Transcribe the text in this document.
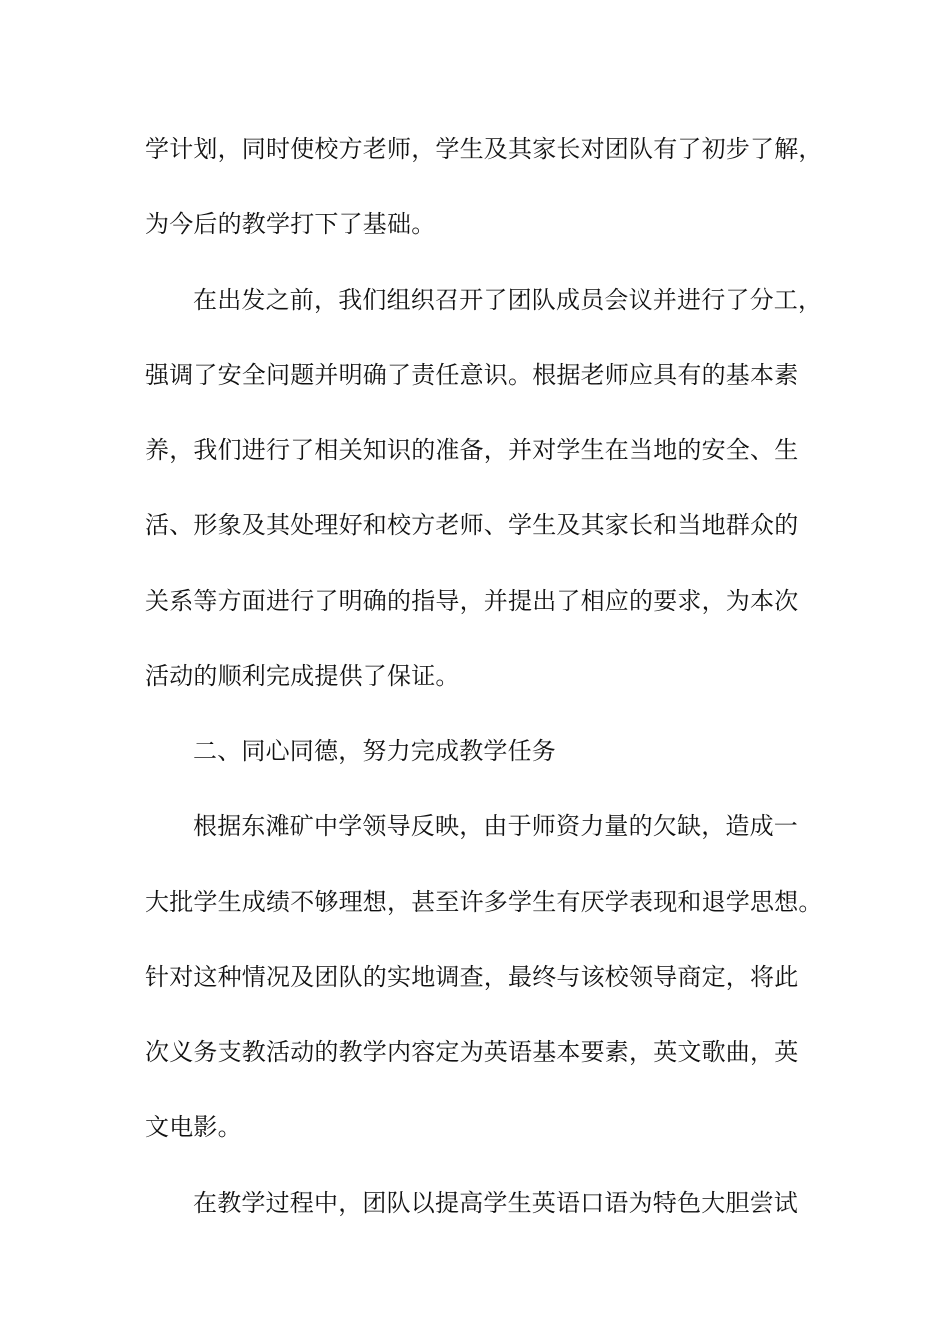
学计划，同时使校方老师，学生及其家长对团队有了初步了解，
为今后的教学打下了基础。
在出发之前，我们组织召开了团队成员会议并进行了分工，
强调了安全问题并明确了责任意识。根据老师应具有的基本素
养，我们进行了相关知识的准备，并对学生在当地的安全、生
活、形象及其处理好和校方老师、学生及其家长和当地群众的
关系等方面进行了明确的指导，并提出了相应的要求，为本次
活动的顺利完成提供了保证。
二、同心同德，努力完成教学任务
根据东滩矿中学领导反映，由于师资力量的欠缺，造成一
大批学生成绩不够理想，甚至许多学生有厌学表现和退学思想。
针对这种情况及团队的实地调查，最终与该校领导商定，将此
次义务支教活动的教学内容定为英语基本要素，英文歌曲，英
文电影。
在教学过程中，团队以提高学生英语口语为特色大胆尝试
